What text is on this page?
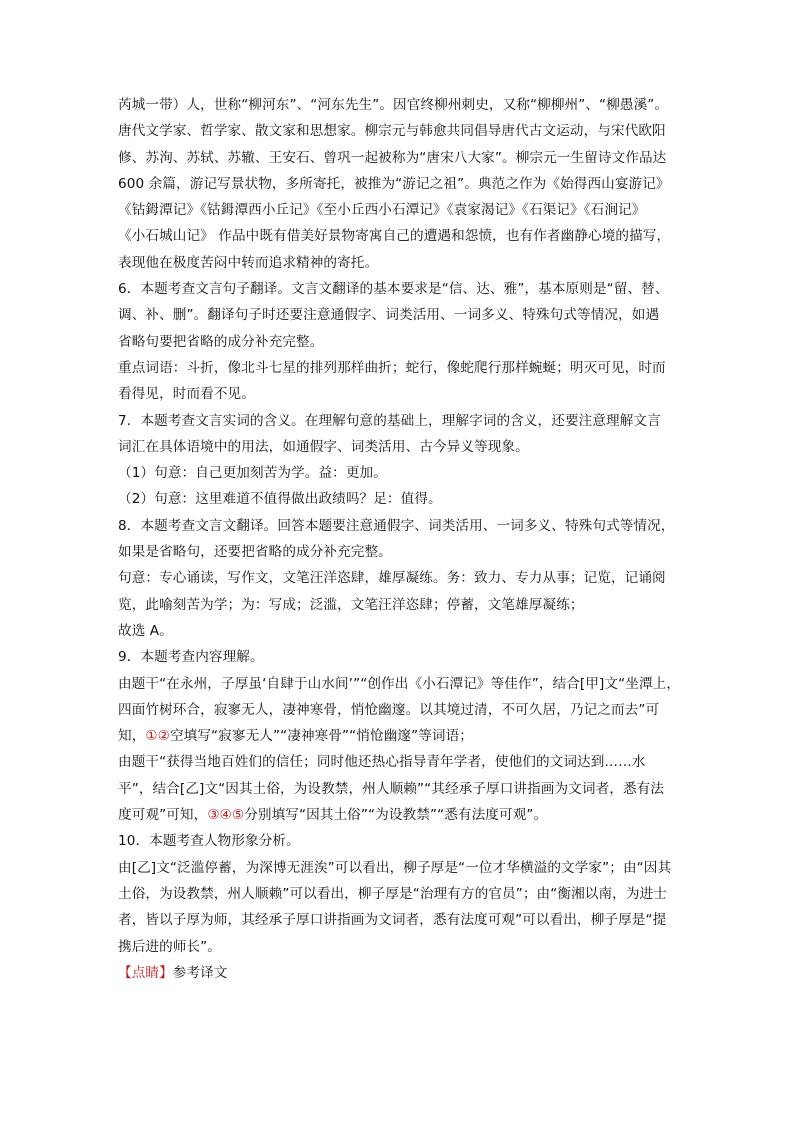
芮城一带）人，世称“柳河东”、“河东先生”。因官终柳州刺史，又称“柳柳州”、“柳愚溪”。
唐代文学家、哲学家、散文家和思想家。柳宗元与韩愈共同倡导唐代古文运动，与宋代欧阳
修、苏洵、苏轼、苏辙、王安石、曾巩一起被称为“唐宋八大家”。柳宗元一生留诗文作品达
600 余篇，游记写景状物，多所寄托，被推为“游记之祖”。典范之作为《始得西山宴游记》
《钴鉧潭记》《钴鉧潭西小丘记》《至小丘西小石潭记》《袁家渴记》《石渠记》《石涧记》
《小石城山记》 作品中既有借美好景物寄寓自己的遭遇和怨愤，也有作者幽静心境的描写，
表现他在极度苦闷中转而追求精神的寄托。
6．本题考查文言句子翻译。文言文翻译的基本要求是“信、达、雅”，基本原则是“留、替、
调、补、删”。翻译句子时还要注意通假字、词类活用、一词多义、特殊句式等情况，如遇
省略句要把省略的成分补充完整。
重点词语：斗折，像北斗七星的排列那样曲折；蛇行，像蛇爬行那样蜿蜒；明灭可见，时而
看得见，时而看不见。
7．本题考查文言实词的含义。在理解句意的基础上，理解字词的含义，还要注意理解文言
词汇在具体语境中的用法，如通假字、词类活用、古今异义等现象。
（1）句意：自己更加刻苦为学。益：更加。
（2）句意：这里难道不值得做出政绩吗？足：值得。
8．本题考查文言文翻译。回答本题要注意通假字、词类活用、一词多义、特殊句式等情况，
如果是省略句，还要把省略的成分补充完整。
句意：专心诵读，写作文，文笔汪洋恣肆，雄厚凝练。务：致力、专力从事；记览，记诵阅
览，此喻刻苦为学；为：写成；泛滥，文笔汪洋恣肆；停蓄，文笔雄厚凝练；
故选 A。
9．本题考查内容理解。
由题干“在永州，子厚虽‘自肆于山水间’”“创作出《小石潭记》等佳作”，结合[甲]文“坐潭上，
四面竹树环合，寂寥无人，凄神寒骨，悄怆幽邃。以其境过清，不可久居，乃记之而去”可
知，①②空填写“寂寥无人”“凄神寒骨”“悄怆幽邃”等词语；
由题干“获得当地百姓们的信任；同时他还热心指导青年学者，使他们的文词达到……水
平”，结合[乙]文“因其土俗，为设教禁，州人顺赖”“其经承子厚口讲指画为文词者，悉有法
度可观”可知，③④⑤分别填写“因其土俗”“为设教禁”“悉有法度可观”。
10．本题考查人物形象分析。
由[乙]文“泛滥停蓄，为深博无涯涘”可以看出，柳子厚是“一位才华横溢的文学家”；由“因其
土俗，为设教禁，州人顺赖”可以看出，柳子厚是“治理有方的官员”；由“衡湘以南，为进士
者，皆以子厚为师，其经承子厚口讲指画为文词者，悉有法度可观”可以看出，柳子厚是“提
携后进的师长”。
【点睛】参考译文
